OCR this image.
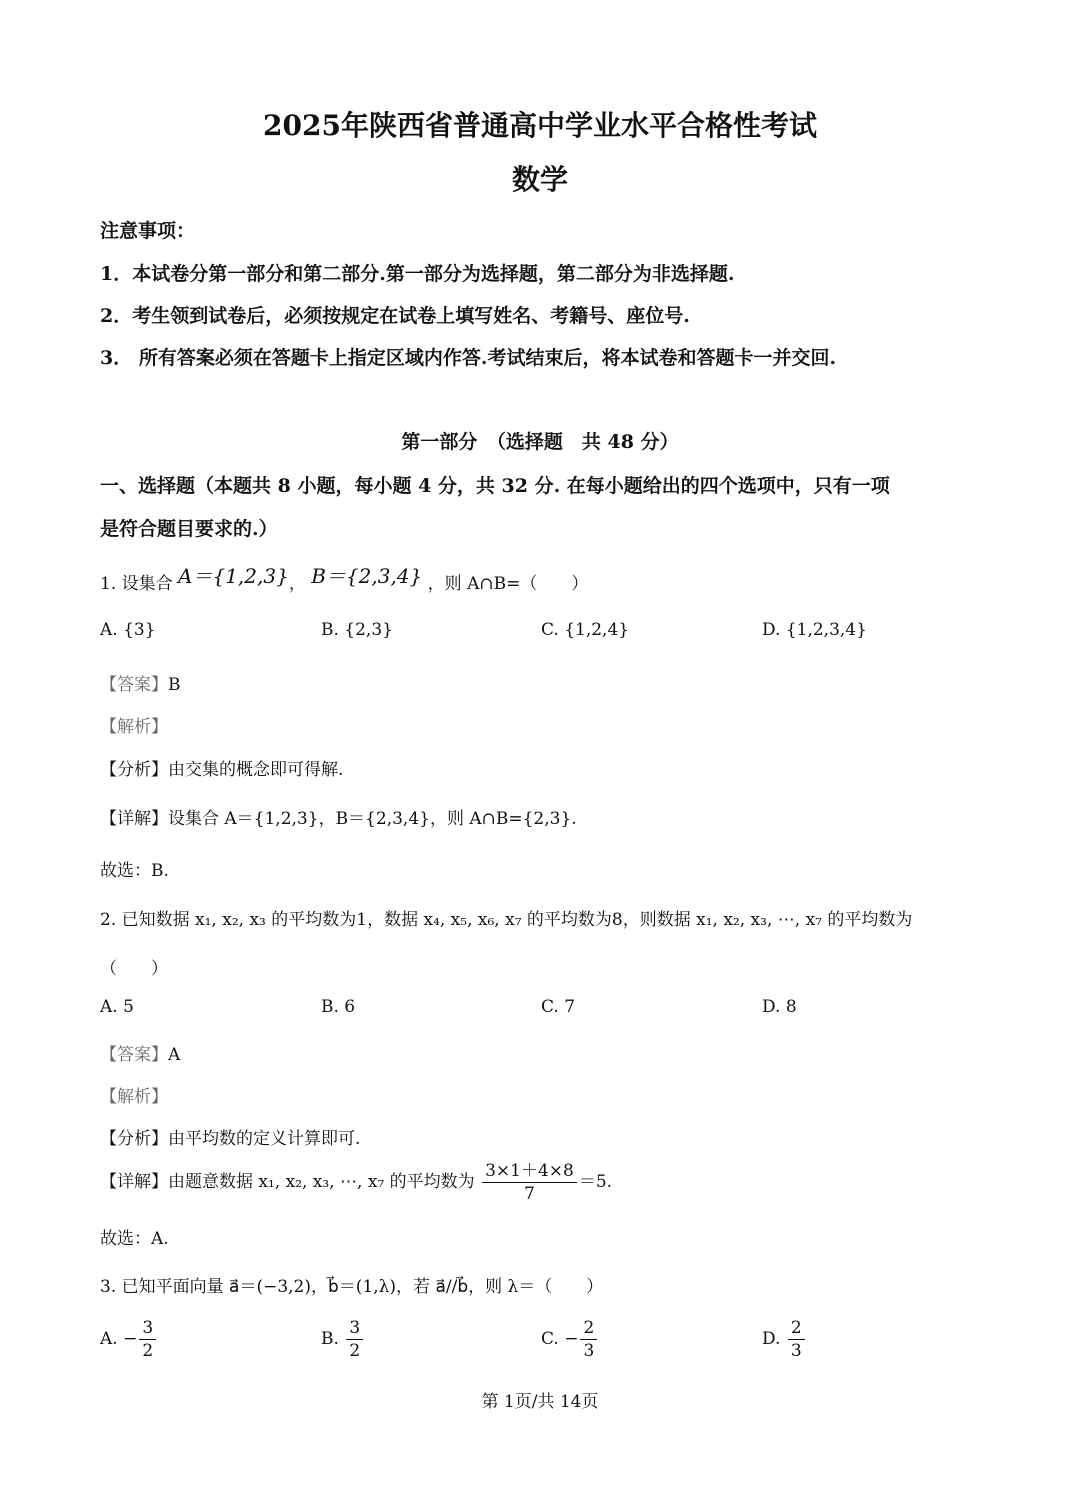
2025年陕西省普通高中学业水平合格性考试
数学
注意事项：
1．本试卷分第一部分和第二部分.第一部分为选择题，第二部分为非选择题.
2．考生领到试卷后，必须按规定在试卷上填写姓名、考籍号、座位号.
3． 所有答案必须在答题卡上指定区域内作答.考试结束后，将本试卷和答题卡一并交回.
第一部分　（选择题　共 48 分）
一、选择题（本题共 8 小题，每小题 4 分，共 32 分. 在每小题给出的四个选项中，只有一项
是符合题目要求的.）
1. 设集合 A＝{1,2,3}， B＝{2,3,4} ，则 A∩B=（　　）
A. {3}	B. {2,3}	C. {1,2,4}	D. {1,2,3,4}
【答案】B
【解析】
【分析】由交集的概念即可得解.
【详解】设集合 A＝{1,2,3}，B＝{2,3,4}，则 A∩B={2,3}.
故选：B.
2. 已知数据 x₁, x₂, x₃ 的平均数为1，数据 x₄, x₅, x₆, x₇ 的平均数为8，则数据 x₁, x₂, x₃, ⋯, x₇ 的平均数为
（　　）
A. 5	B. 6	C. 7	D. 8
【答案】A
【解析】
【分析】由平均数的定义计算即可.
【详解】由题意数据 x₁, x₂, x₃, ⋯, x₇ 的平均数为 $\frac{3\times 1+4\times 8}{7} =5$.
故选：A.
3. 已知平面向量 a⃗＝(−3,2)，b⃗＝(1,λ)，若 a⃗//b⃗，则 λ＝（　　）
A. − $\frac{3}{2}$	B. $\frac{3}{2}$	C. − $\frac{2}{3}$	D. $\frac{2}{3}$
第 1页/共 14页
